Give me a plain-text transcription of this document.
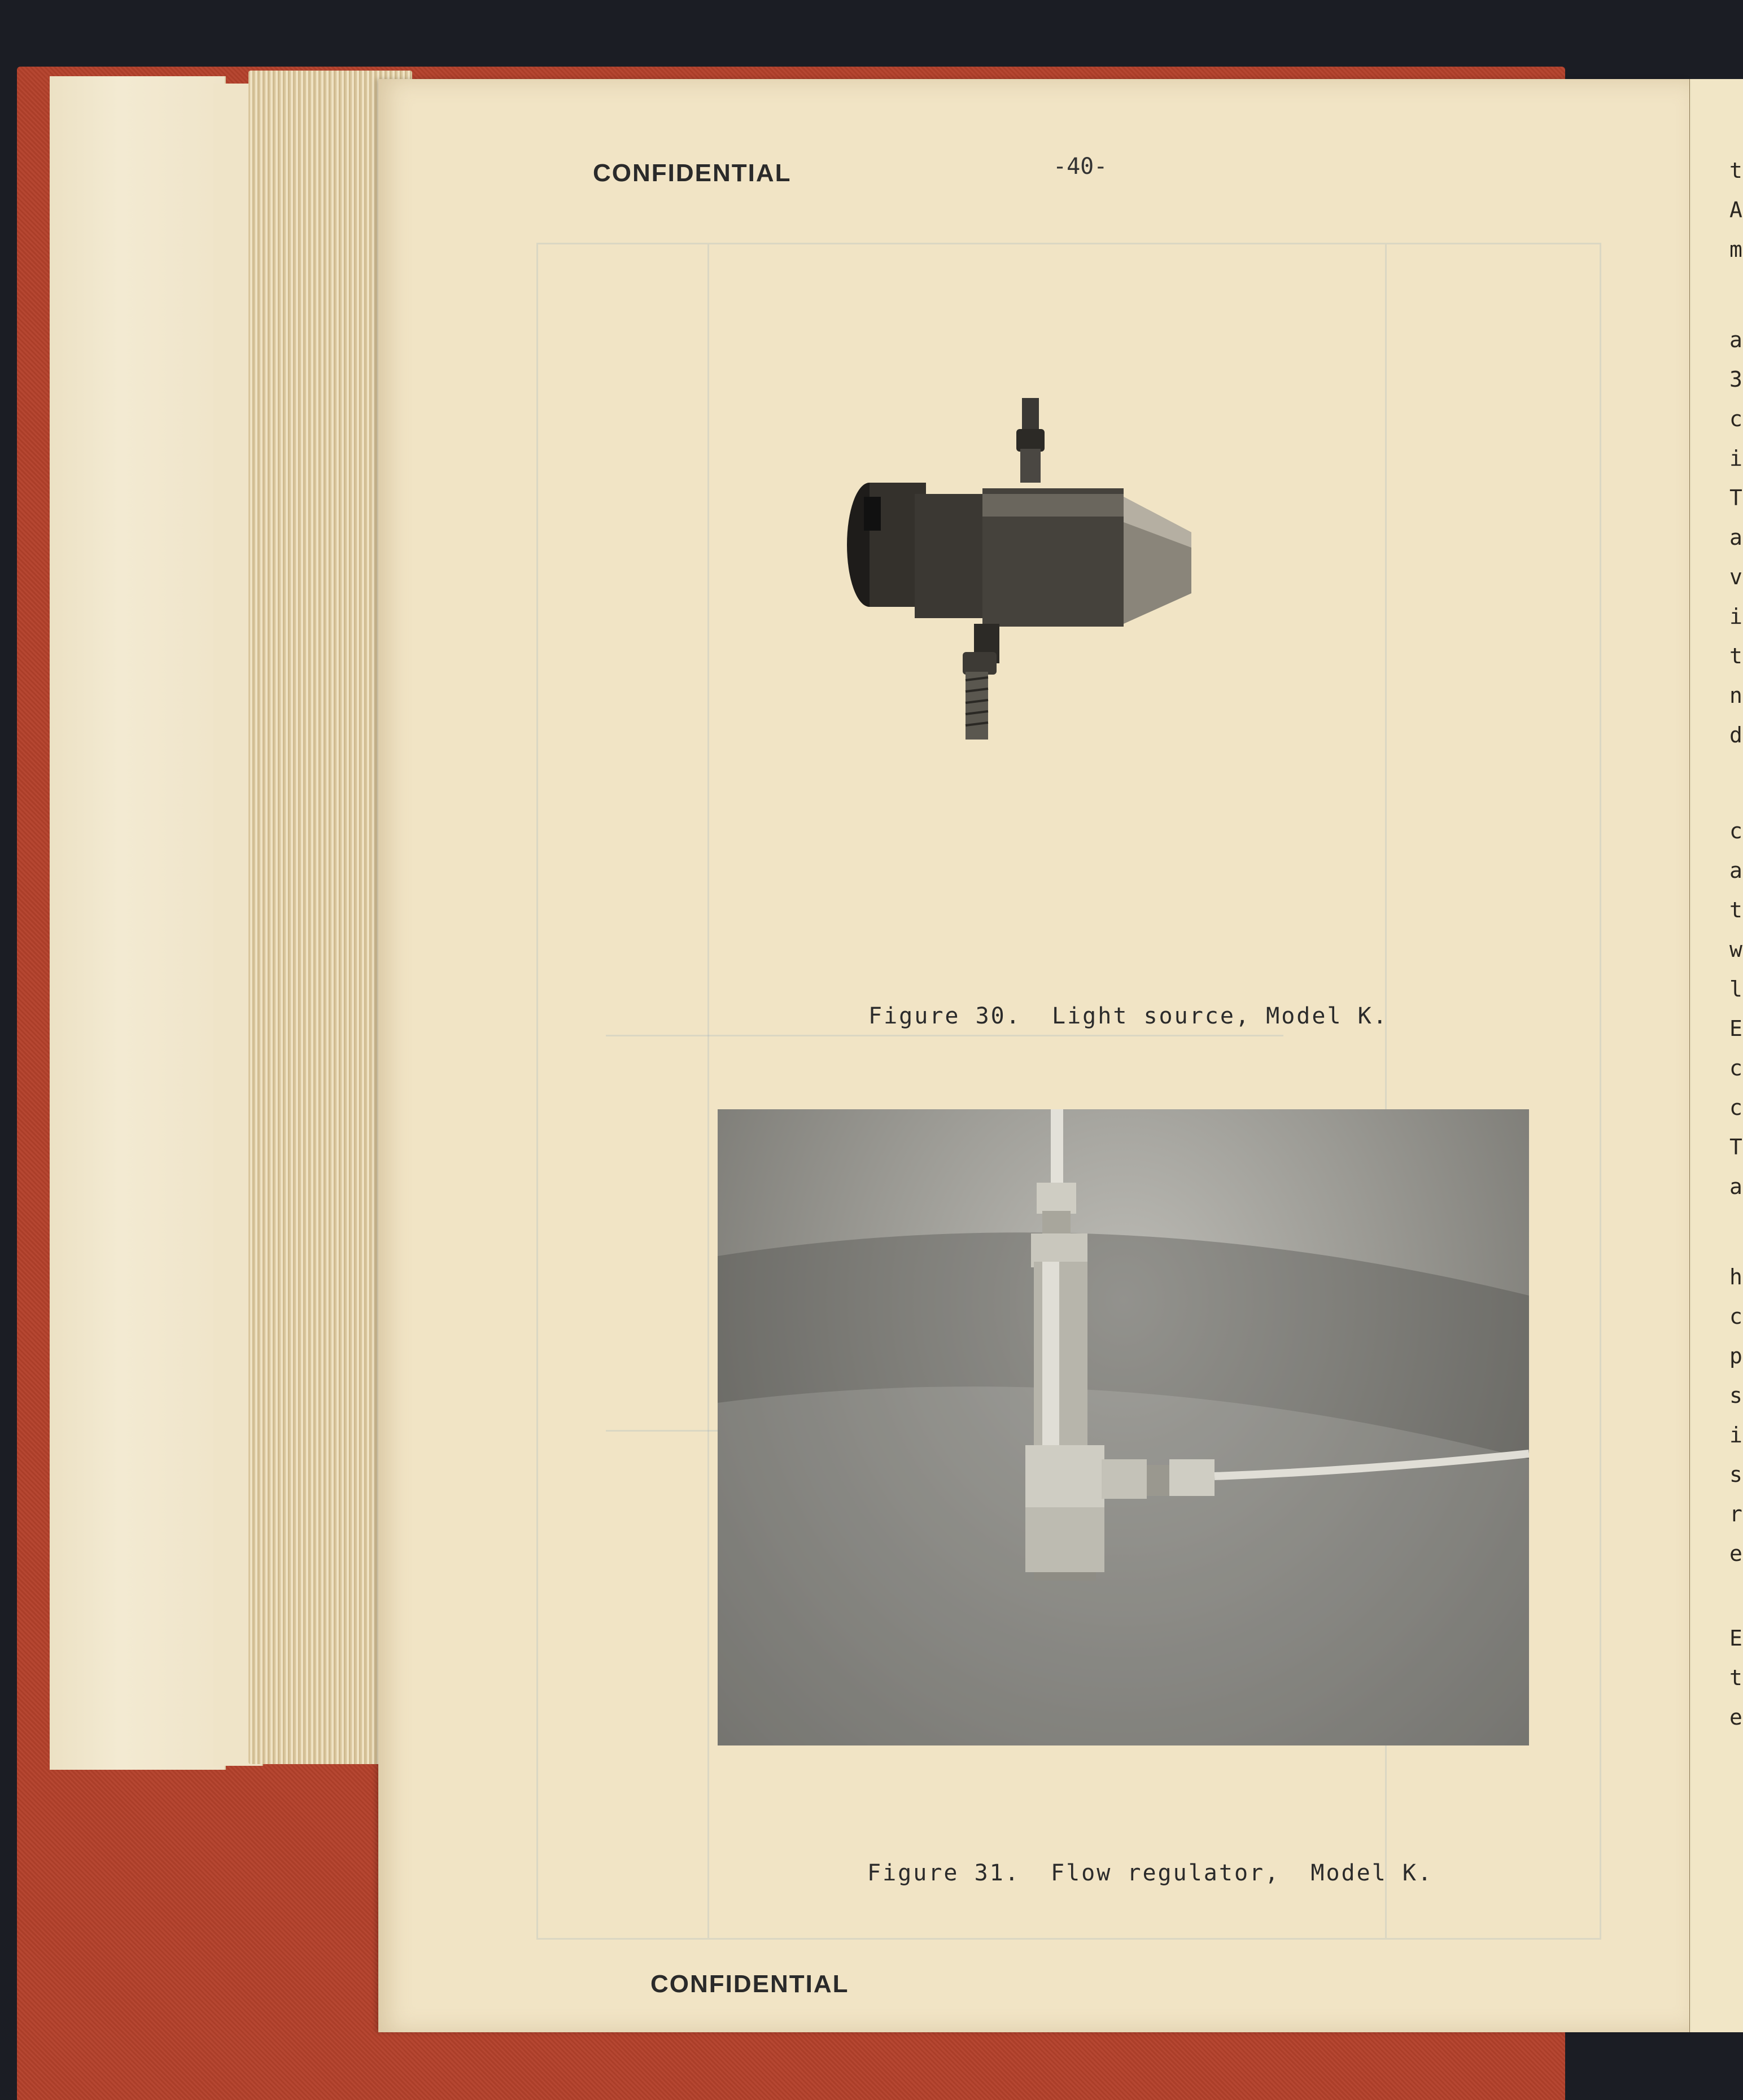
t
A
m
a
3
c
i
T
a
v
i
t
n
d
c
a
t
w
l
E
c
c
T
a
h
c
p
s
i
s
r
e
E
t
e
CONFIDENTIAL	-40-
Figure 30.  Light source, Model K.
Figure 31.  Flow regulator,  Model K.
CONFIDENTIAL
